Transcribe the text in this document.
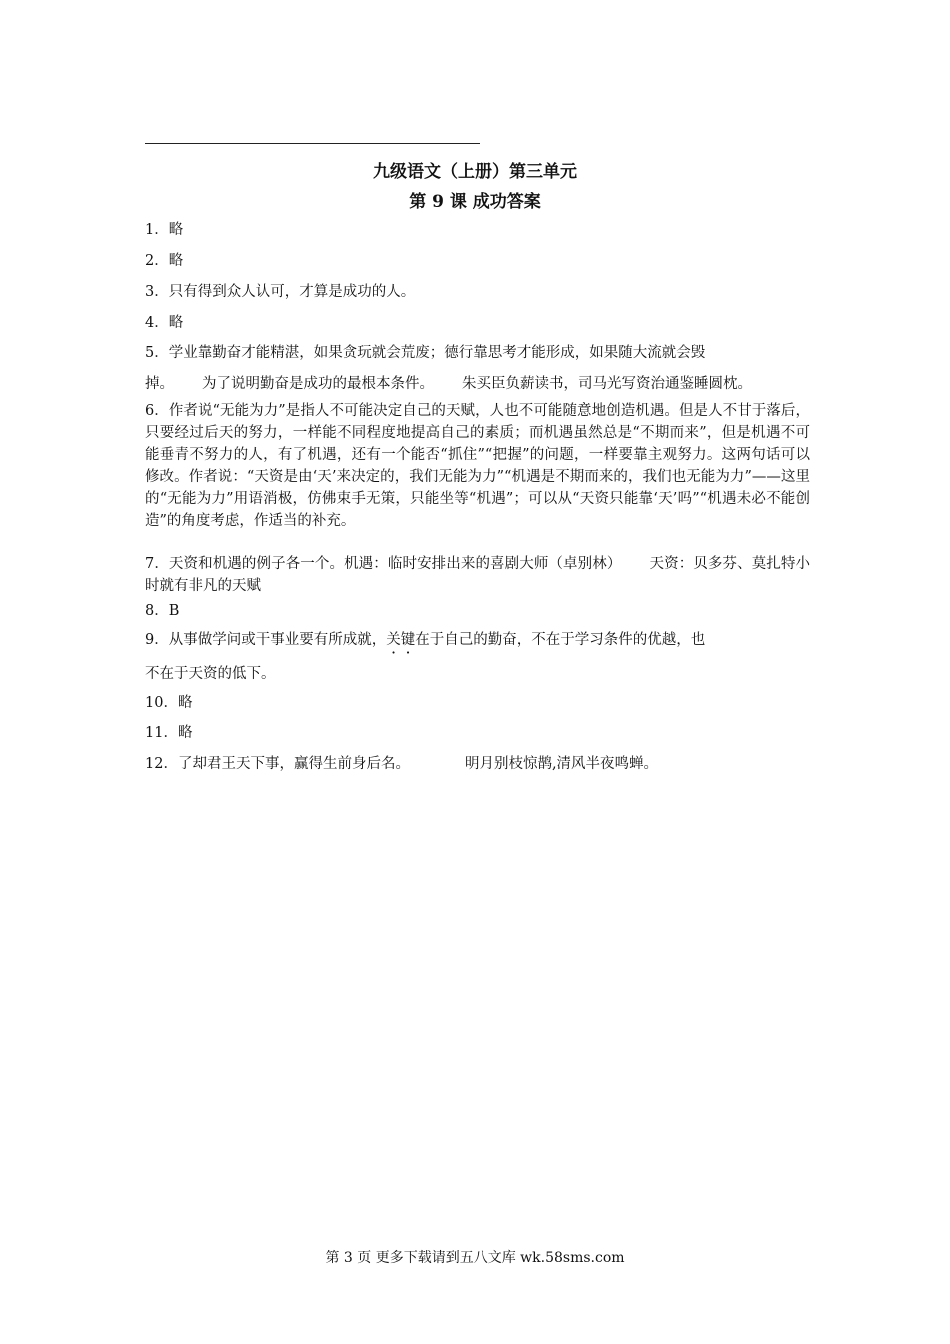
九级语文（上册）第三单元
第 9 课 成功答案
1．略
2．略
3．只有得到众人认可，才算是成功的人。
4．略
5．学业靠勤奋才能精湛，如果贪玩就会荒废；德行靠思考才能形成，如果随大流就会毁
掉。 为了说明勤奋是成功的最根本条件。 朱买臣负薪读书，司马光写资治通鉴睡圆枕。
6．作者说“无能为力”是指人不可能决定自己的天赋，人也不可能随意地创造机遇。但是人不甘于落后，只要经过后天的努力，一样能不同程度地提高自己的素质；而机遇虽然总是“不期而来”，但是机遇不可能垂青不努力的人，有了机遇，还有一个能否“抓住”“把握”的问题，一样要靠主观努力。这两句话可以修改。作者说：“天资是由‘天’来决定的，我们无能为力”“机遇是不期而来的，我们也无能为力”——这里的“无能为力”用语消极，仿佛束手无策，只能坐等“机遇”；可以从“天资只能靠‘天’吗”“机遇未必不能创造”的角度考虑，作适当的补充。
7．天资和机遇的例子各一个。机遇：临时安排出来的喜剧大师（卓别林） 天资：贝多芬、莫扎特小时就有非凡的天赋
8．B
9．从事做学问或干事业要有所成就，关键在于自己的勤奋，不在于学习条件的优越，也
不在于天资的低下。
10．略
11．略
12．了却君王天下事，赢得生前身后名。	明月别枝惊鹊,清风半夜鸣蝉。
第 3 页 更多下载请到五八文库 wk.58sms.com
